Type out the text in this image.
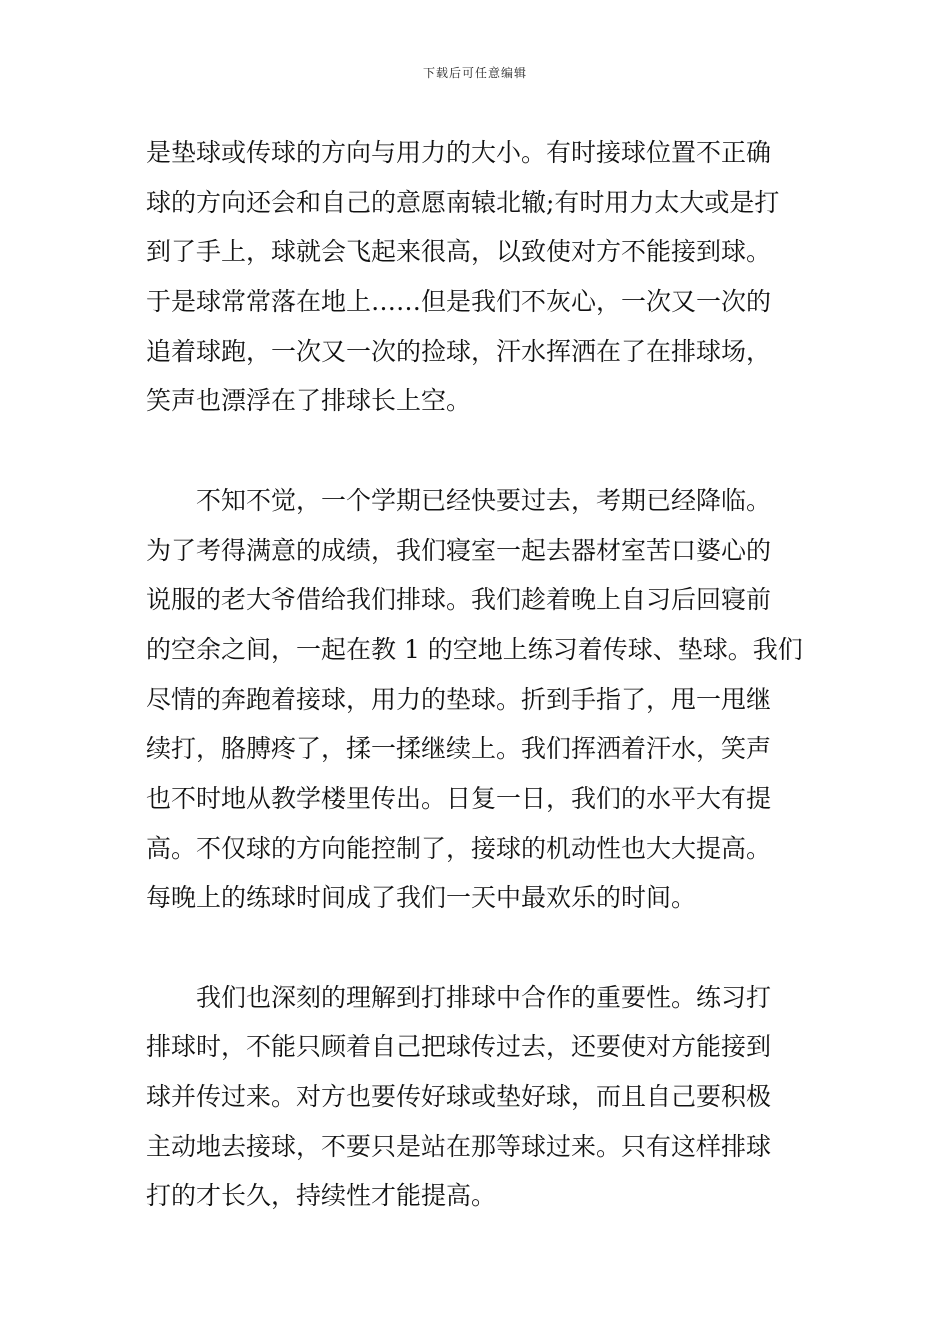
下载后可任意编辑
是垫球或传球的方向与用力的大小。有时接球位置不正确
球的方向还会和自己的意愿南辕北辙;有时用力太大或是打
到了手上，球就会飞起来很高，以致使对方不能接到球。
于是球常常落在地上……但是我们不灰心，一次又一次的
追着球跑，一次又一次的捡球，汗水挥洒在了在排球场，
笑声也漂浮在了排球长上空。
　　不知不觉，一个学期已经快要过去，考期已经降临。
为了考得满意的成绩，我们寝室一起去器材室苦口婆心的
说服的老大爷借给我们排球。我们趁着晚上自习后回寝前
的空余之间，一起在教 1 的空地上练习着传球、垫球。我们
尽情的奔跑着接球，用力的垫球。折到手指了，甩一甩继
续打，胳膊疼了，揉一揉继续上。我们挥洒着汗水，笑声
也不时地从教学楼里传出。日复一日，我们的水平大有提
高。不仅球的方向能控制了，接球的机动性也大大提高。
每晚上的练球时间成了我们一天中最欢乐的时间。
　　我们也深刻的理解到打排球中合作的重要性。练习打
排球时，不能只顾着自己把球传过去，还要使对方能接到
球并传过来。对方也要传好球或垫好球，而且自己要积极
主动地去接球，不要只是站在那等球过来。只有这样排球
打的才长久，持续性才能提高。
